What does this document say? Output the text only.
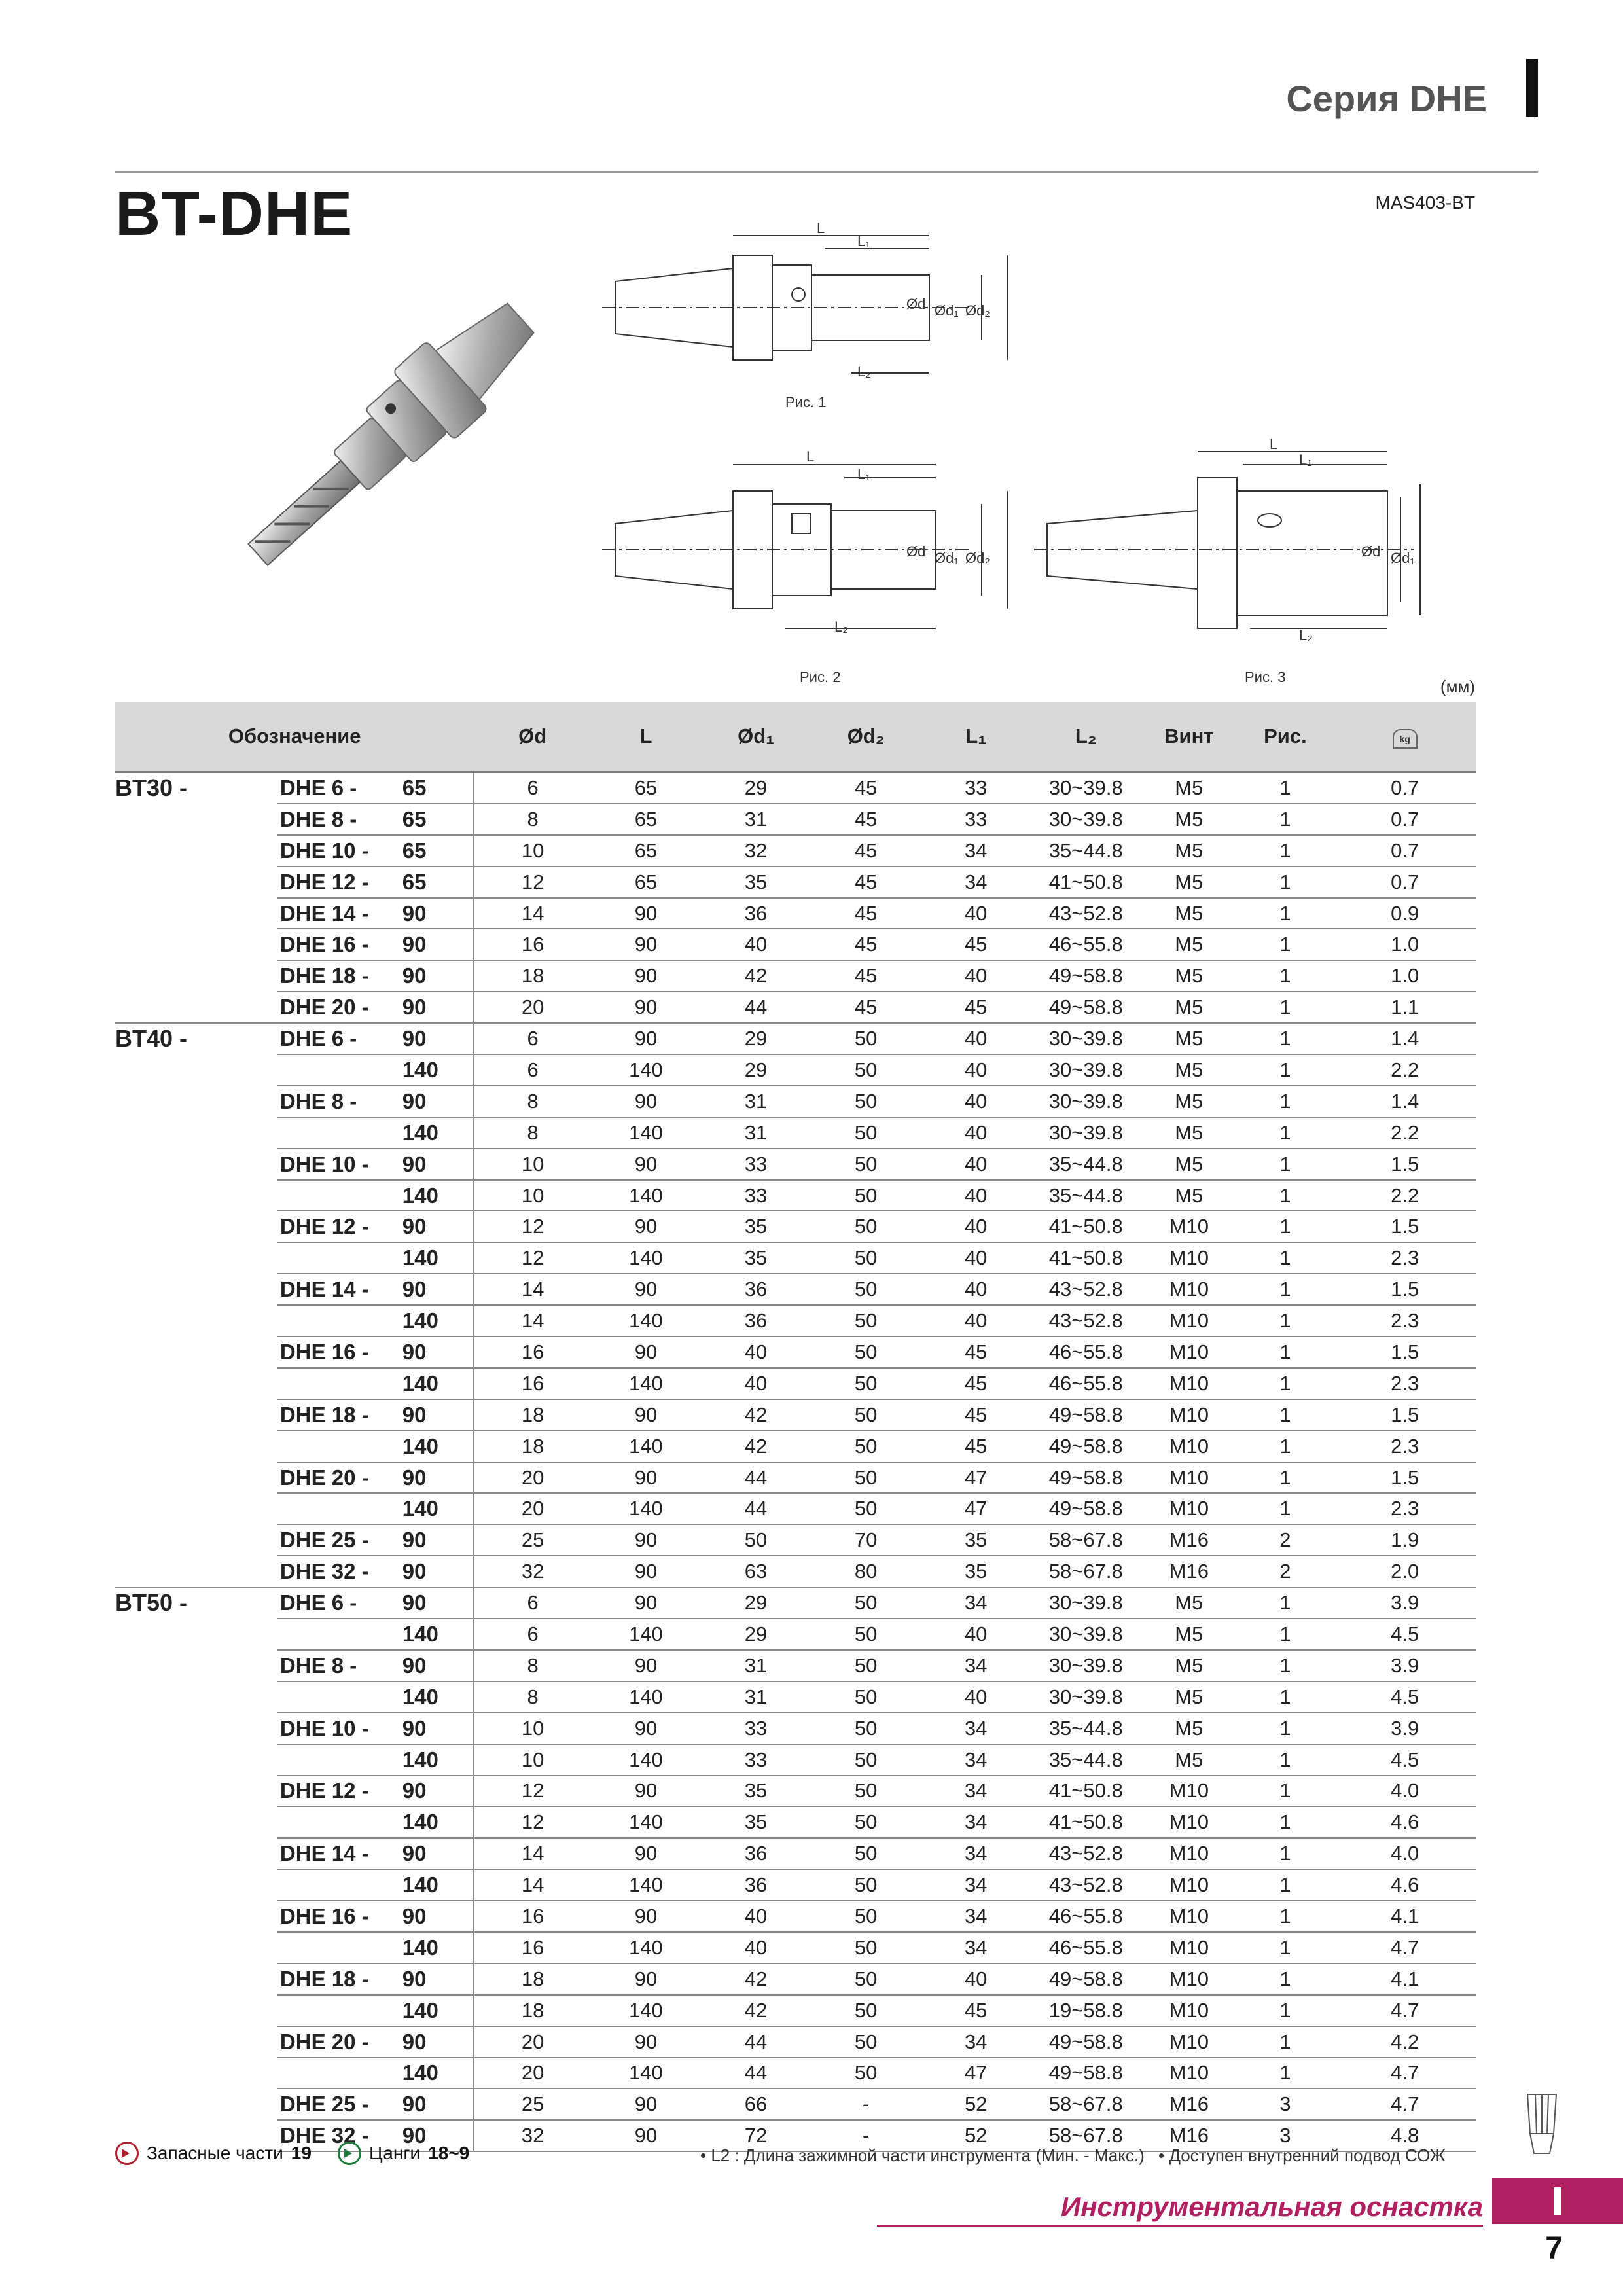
Серия DHE
BT-DHE	MAS403-BT
L
L₁
L₂
Ød Ød₁ Ød₂
Рис. 1
L
L₁
L₂
Ød Ød₁ Ød₂
Рис. 2
L
L₁
L₂
Ød Ød₁
Рис. 3	(мм)
Обозначение			Ød	L	Ød₁	Ød₂	L₁	L₂	Винт	Рис.	kg
BT30 -	DHE 6 -	65	6	65	29	45	33	30~39.8	M5	1	0.7
	DHE 8 -	65	8	65	31	45	33	30~39.8	M5	1	0.7
	DHE 10 -	65	10	65	32	45	34	35~44.8	M5	1	0.7
	DHE 12 -	65	12	65	35	45	34	41~50.8	M5	1	0.7
	DHE 14 -	90	14	90	36	45	40	43~52.8	M5	1	0.9
	DHE 16 -	90	16	90	40	45	45	46~55.8	M5	1	1.0
	DHE 18 -	90	18	90	42	45	40	49~58.8	M5	1	1.0
	DHE 20 -	90	20	90	44	45	45	49~58.8	M5	1	1.1
BT40 -	DHE 6 -	90	6	90	29	50	40	30~39.8	M5	1	1.4
		140	6	140	29	50	40	30~39.8	M5	1	2.2
	DHE 8 -	90	8	90	31	50	40	30~39.8	M5	1	1.4
		140	8	140	31	50	40	30~39.8	M5	1	2.2
	DHE 10 -	90	10	90	33	50	40	35~44.8	M5	1	1.5
		140	10	140	33	50	40	35~44.8	M5	1	2.2
	DHE 12 -	90	12	90	35	50	40	41~50.8	M10	1	1.5
		140	12	140	35	50	40	41~50.8	M10	1	2.3
	DHE 14 -	90	14	90	36	50	40	43~52.8	M10	1	1.5
		140	14	140	36	50	40	43~52.8	M10	1	2.3
	DHE 16 -	90	16	90	40	50	45	46~55.8	M10	1	1.5
		140	16	140	40	50	45	46~55.8	M10	1	2.3
	DHE 18 -	90	18	90	42	50	45	49~58.8	M10	1	1.5
		140	18	140	42	50	45	49~58.8	M10	1	2.3
	DHE 20 -	90	20	90	44	50	47	49~58.8	M10	1	1.5
		140	20	140	44	50	47	49~58.8	M10	1	2.3
	DHE 25 -	90	25	90	50	70	35	58~67.8	M16	2	1.9
	DHE 32 -	90	32	90	63	80	35	58~67.8	M16	2	2.0
BT50 -	DHE 6 -	90	6	90	29	50	34	30~39.8	M5	1	3.9
		140	6	140	29	50	40	30~39.8	M5	1	4.5
	DHE 8 -	90	8	90	31	50	34	30~39.8	M5	1	3.9
		140	8	140	31	50	40	30~39.8	M5	1	4.5
	DHE 10 -	90	10	90	33	50	34	35~44.8	M5	1	3.9
		140	10	140	33	50	34	35~44.8	M5	1	4.5
	DHE 12 -	90	12	90	35	50	34	41~50.8	M10	1	4.0
		140	12	140	35	50	34	41~50.8	M10	1	4.6
	DHE 14 -	90	14	90	36	50	34	43~52.8	M10	1	4.0
		140	14	140	36	50	34	43~52.8	M10	1	4.6
	DHE 16 -	90	16	90	40	50	34	46~55.8	M10	1	4.1
		140	16	140	40	50	34	46~55.8	M10	1	4.7
	DHE 18 -	90	18	90	42	50	40	49~58.8	M10	1	4.1
		140	18	140	42	50	45	19~58.8	M10	1	4.7
	DHE 20 -	90	20	90	44	50	34	49~58.8	M10	1	4.2
		140	20	140	44	50	47	49~58.8	M10	1	4.7
	DHE 25 -	90	25	90	66	-	52	58~67.8	M16	3	4.7
	DHE 32 -	90	32	90	72	-	52	58~67.8	M16	3	4.8
Запасные части 19	Цанги 18~9	• L2 : Длина зажимной части инструмента (Мин. - Макс.) • Доступен внутренний подвод СОЖ
Инструментальная оснастка
7
